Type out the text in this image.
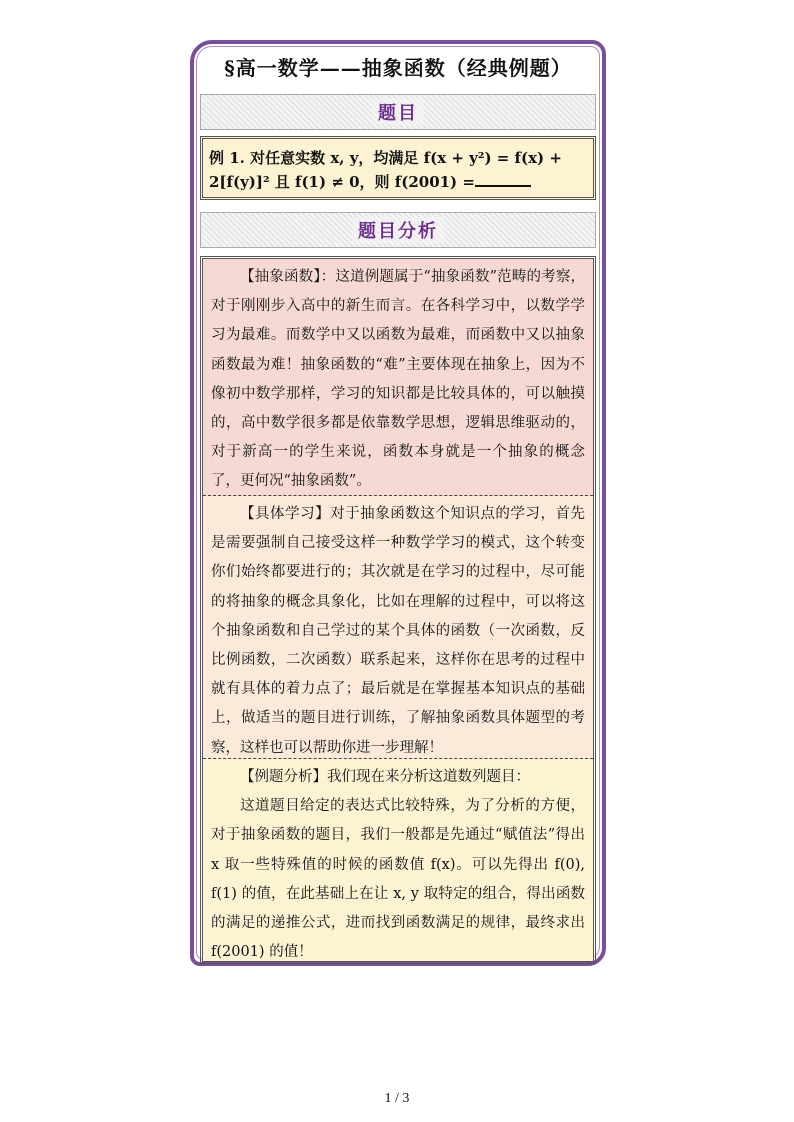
§高一数学——抽象函数（经典例题）
题目
例 1. 对任意实数 x, y，均满足 f(x + y²) = f(x) +
2[f(y)]² 且 f(1) ≠ 0，则 f(2001) =
题目分析
【抽象函数】：这道例题属于“抽象函数”范畴的考察，对于刚刚步入高中的新生而言。在各科学习中，以数学学习为最难。而数学中又以函数为最难，而函数中又以抽象函数最为难！抽象函数的“难”主要体现在抽象上，因为不像初中数学那样，学习的知识都是比较具体的，可以触摸的，高中数学很多都是依靠数学思想，逻辑思维驱动的，对于新高一的学生来说，函数本身就是一个抽象的概念了，更何况“抽象函数”。
【具体学习】对于抽象函数这个知识点的学习，首先是需要强制自己接受这样一种数学学习的模式，这个转变你们始终都要进行的；其次就是在学习的过程中，尽可能的将抽象的概念具象化，比如在理解的过程中，可以将这个抽象函数和自己学过的某个具体的函数（一次函数，反比例函数，二次函数）联系起来，这样你在思考的过程中就有具体的着力点了；最后就是在掌握基本知识点的基础上，做适当的题目进行训练，了解抽象函数具体题型的考察，这样也可以帮助你进一步理解！
【例题分析】我们现在来分析这道数列题目：
这道题目给定的表达式比较特殊，为了分析的方便，对于抽象函数的题目，我们一般都是先通过“赋值法”得出 x 取一些特殊值的时候的函数值 f(x)。可以先得出 f(0), f(1) 的值，在此基础上在让 x, y 取特定的组合，得出函数的满足的递推公式，进而找到函数满足的规律，最终求出 f(2001) 的值！
1 / 3
